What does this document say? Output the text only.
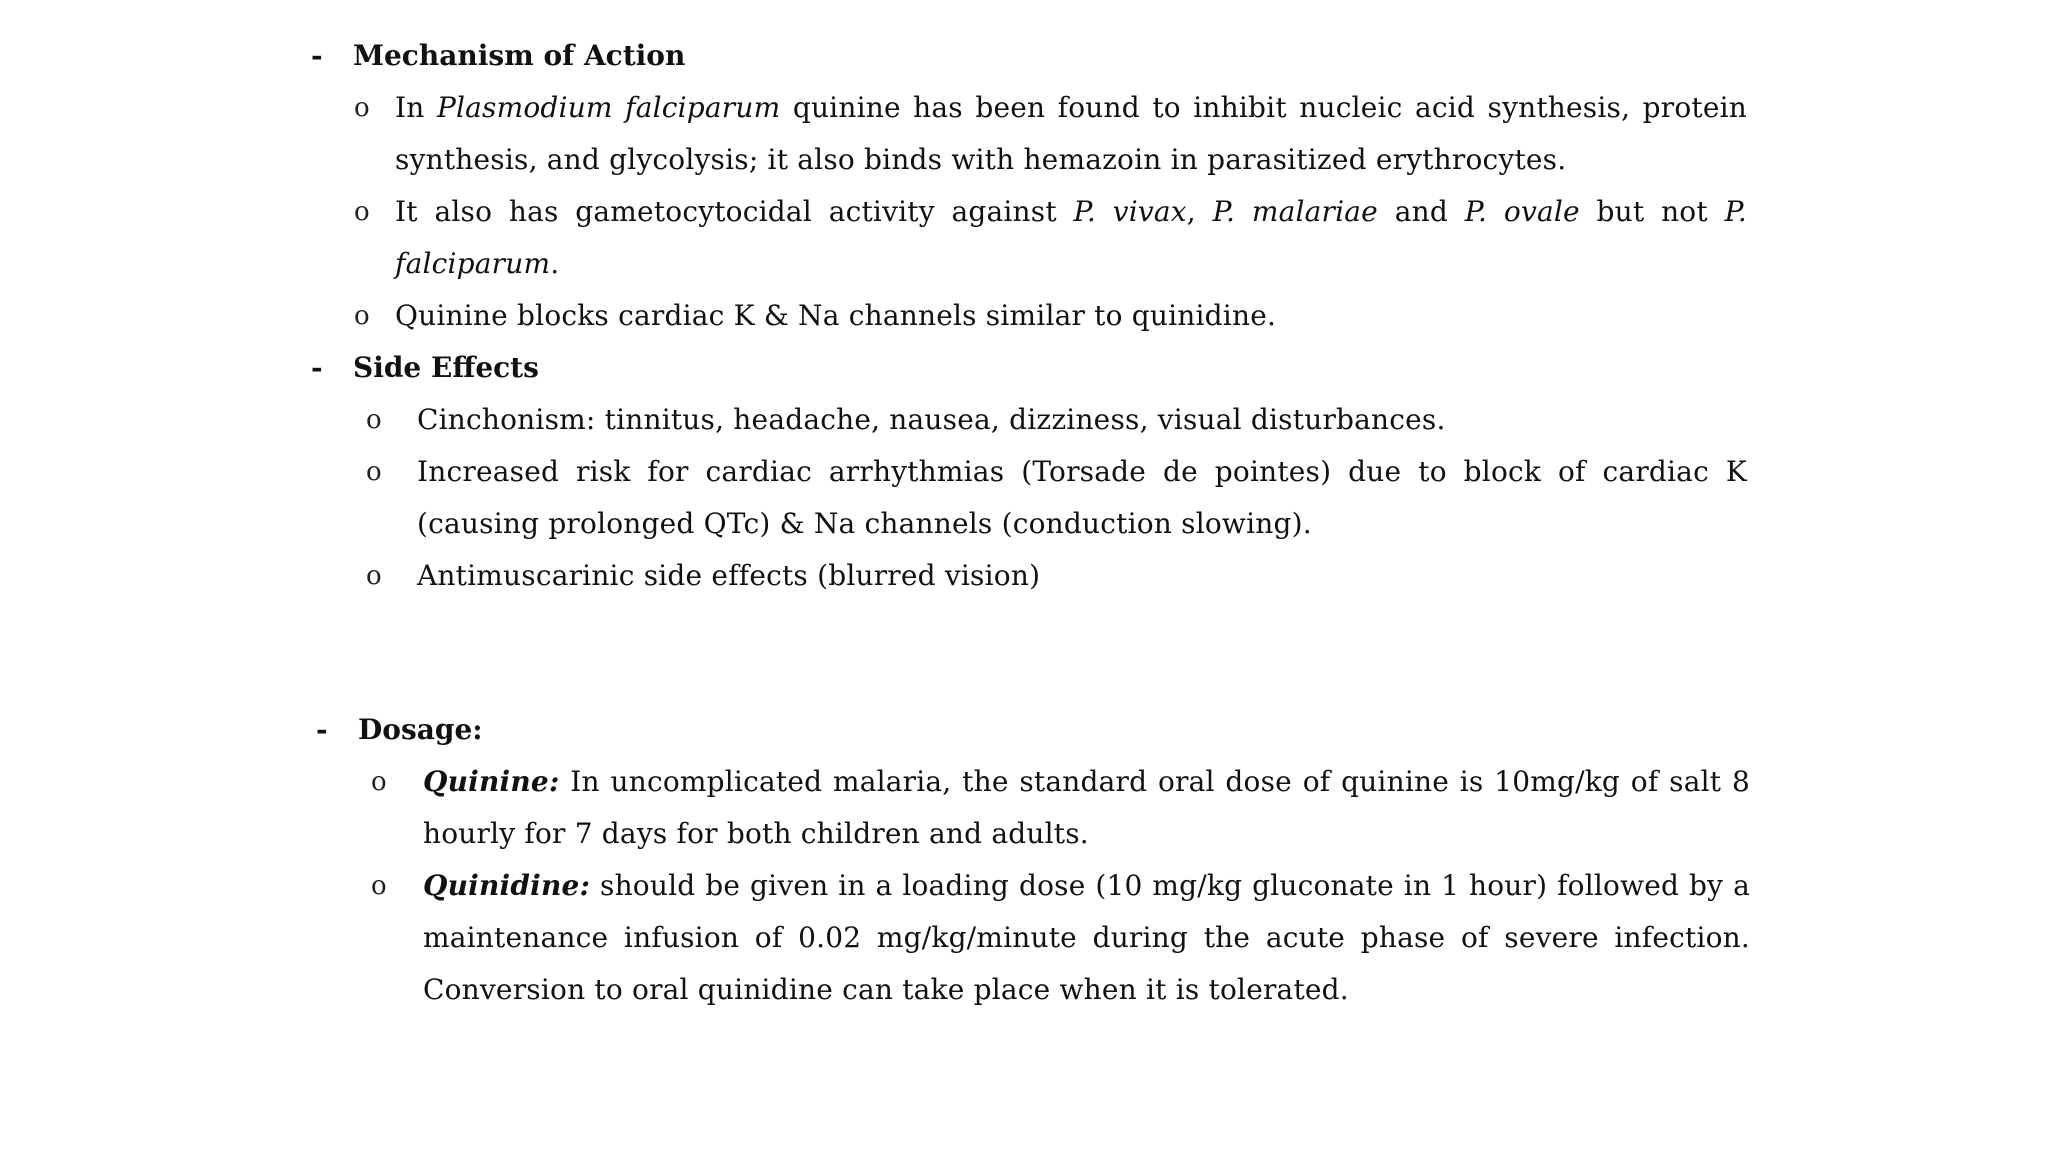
- Mechanism of Action
o In Plasmodium falciparum quinine has been found to inhibit nucleic acid synthesis, protein synthesis, and glycolysis; it also binds with hemazoin in parasitized erythrocytes.
o It also has gametocytocidal activity against P. vivax, P. malariae and P. ovale but not P. falciparum.
o Quinine blocks cardiac K & Na channels similar to quinidine.
- Side Effects
o Cinchonism: tinnitus, headache, nausea, dizziness, visual disturbances.
o Increased risk for cardiac arrhythmias (Torsade de pointes) due to block of cardiac K (causing prolonged QTc) & Na channels (conduction slowing).
o Antimuscarinic side effects (blurred vision)
- Dosage:
o Quinine: In uncomplicated malaria, the standard oral dose of quinine is 10mg/kg of salt 8 hourly for 7 days for both children and adults.
o Quinidine: should be given in a loading dose (10 mg/kg gluconate in 1 hour) followed by a maintenance infusion of 0.02 mg/kg/minute during the acute phase of severe infection. Conversion to oral quinidine can take place when it is tolerated.
